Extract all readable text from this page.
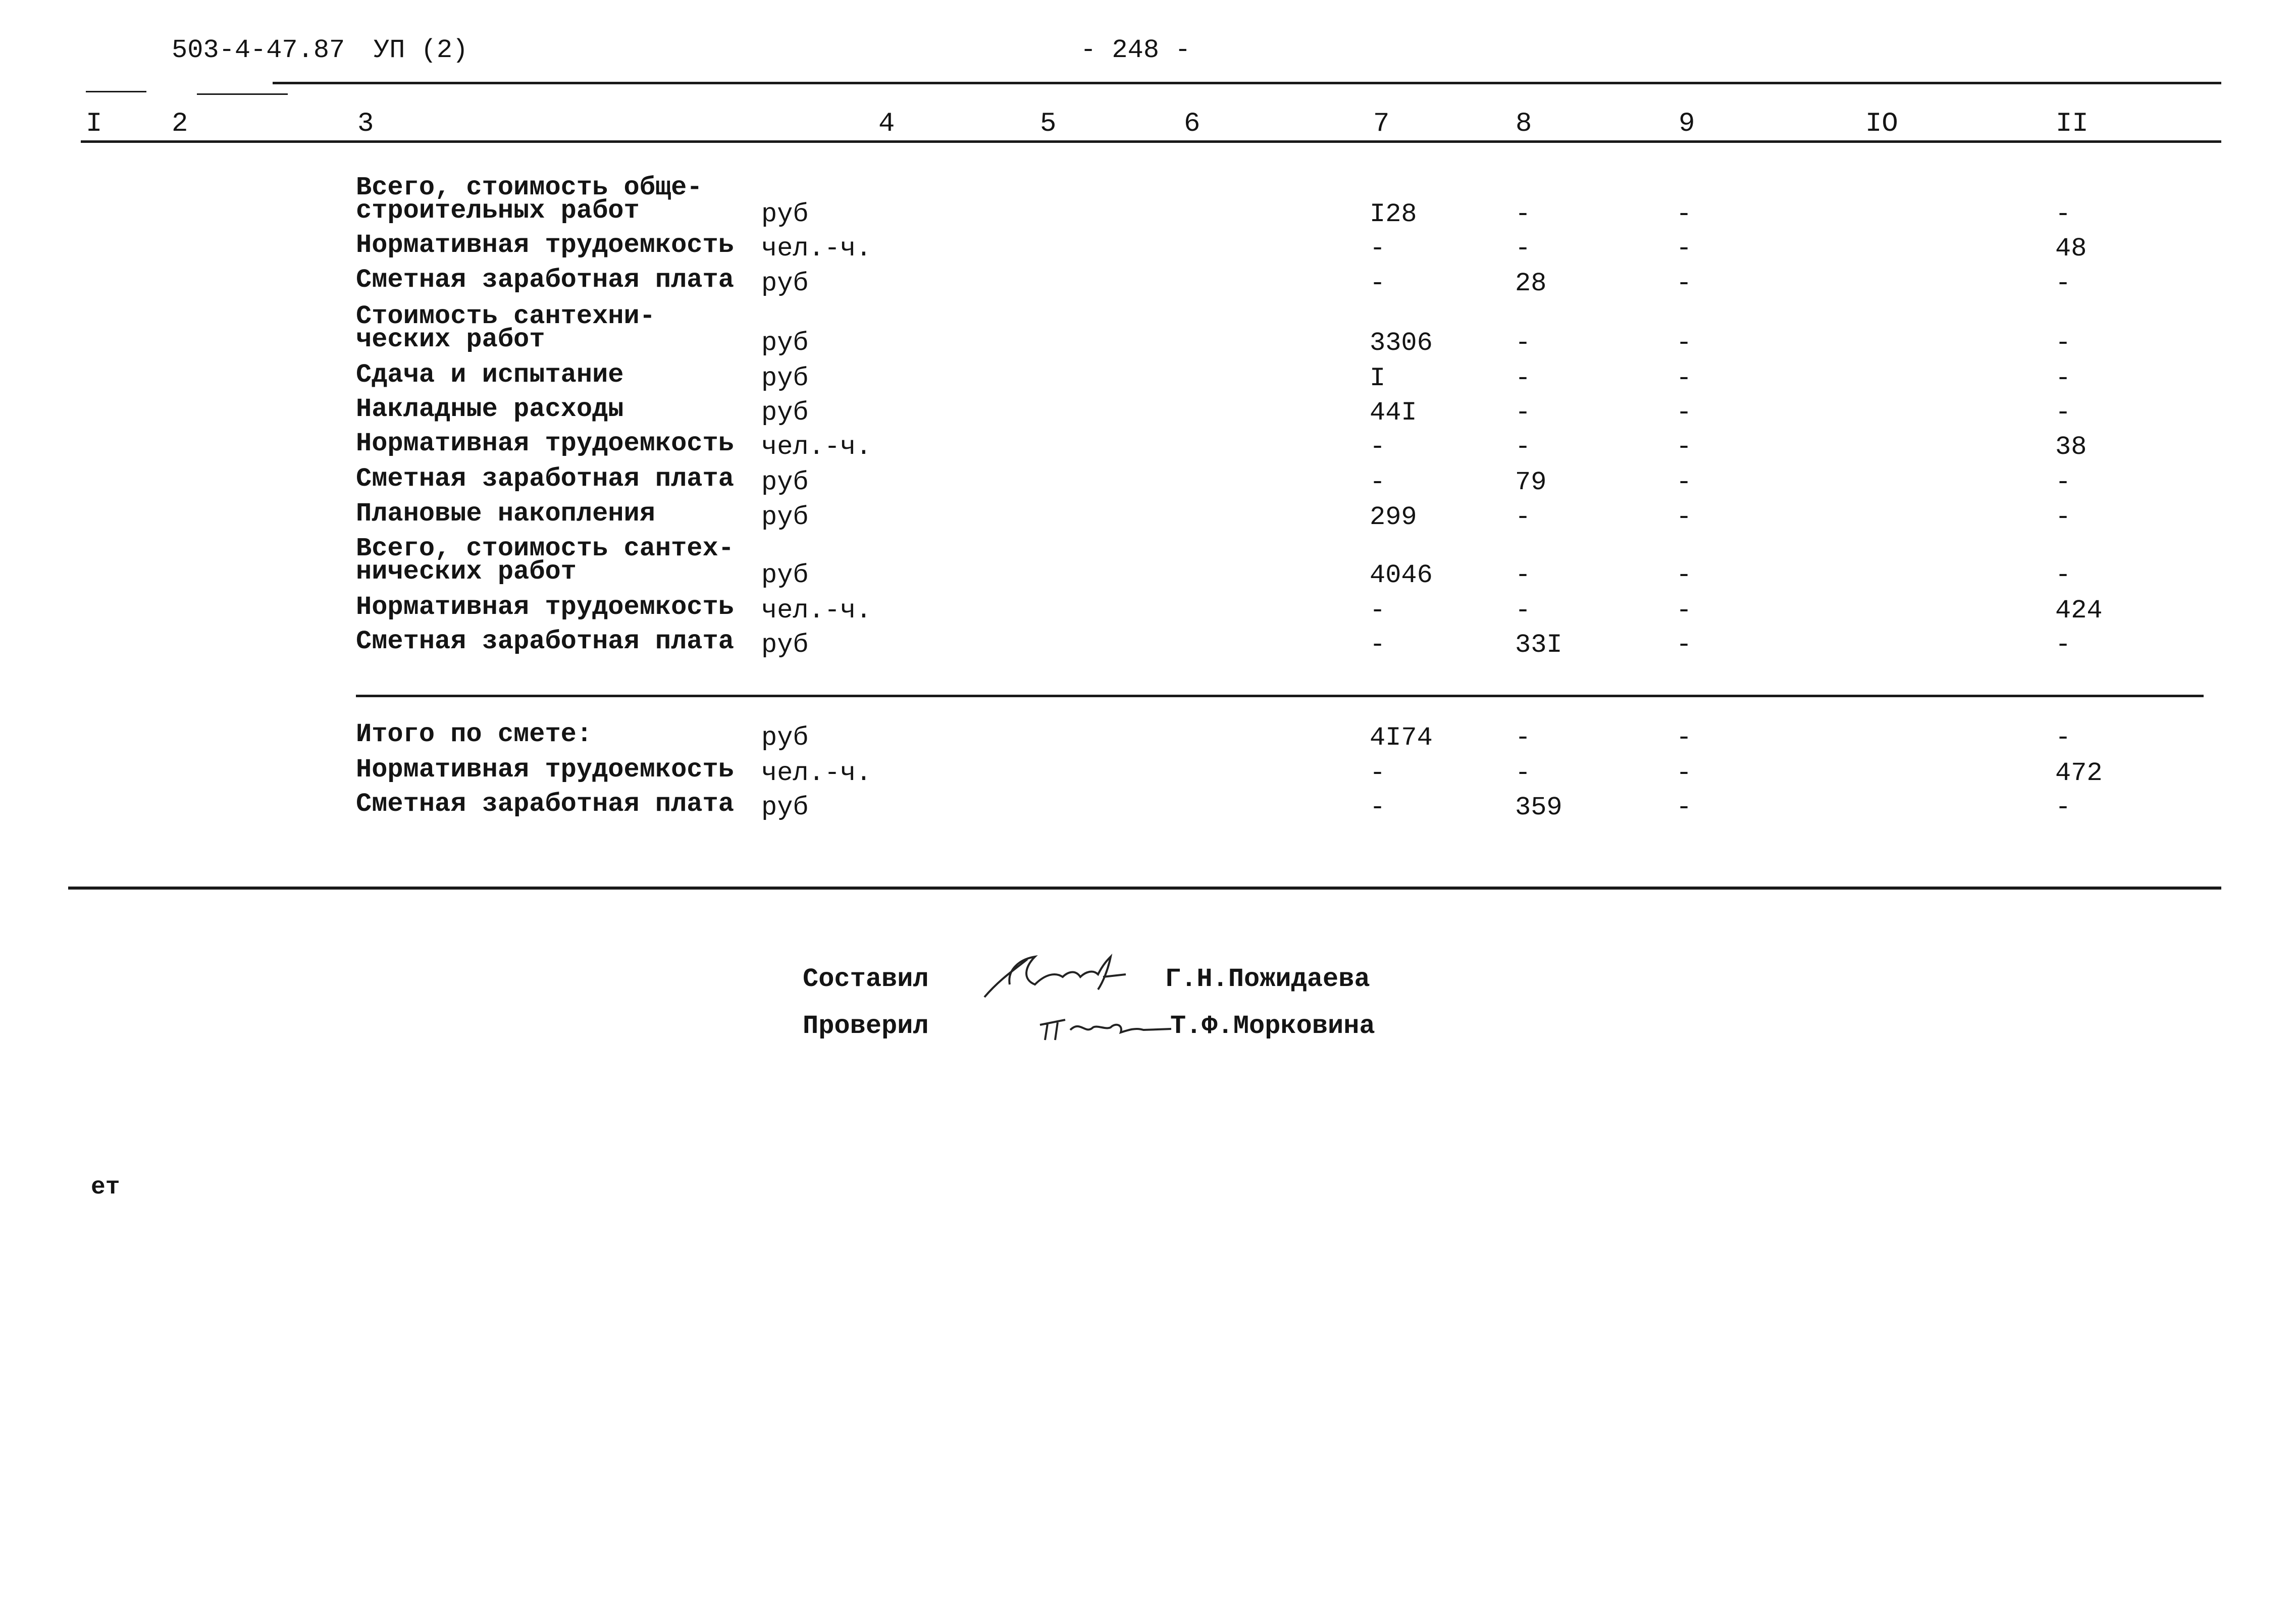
503-4-47.87 УП (2)	- 248 -
I	2	3	4	5	6	7	8	9	IO	II
Всего, стоимость обще-
строительных работ	руб	I28	-	-	-
Нормативная трудоемкость чел.-ч.	-	-	-	48
Сметная заработная плата руб	-	28	-	-
Стоимость сантехни-
ческих работ	руб	3306	-	-	-
Сдача и испытание	руб	I	-	-	-
Накладные расходы	руб	44I	-	-	-
Нормативная трудоемкость чел.-ч.	-	-	-	38
Сметная заработная плата руб	-	79	-	-
Плановые накопления	руб	299	-	-	-
Всего, стоимость сантех-
нических работ	руб	4046	-	-	-
Нормативная трудоемкость чел.-ч.	-	-	-	424
Сметная заработная плата руб	-	33I	-	-
Итого по смете:	руб	4I74	-	-	-
Нормативная трудоемкость чел.-ч.	-	-	-	472
Сметная заработная плата руб	-	359	-	-
Составил	Г.Н.Пожидаева
Проверил	Т.Ф.Морковина
ет
